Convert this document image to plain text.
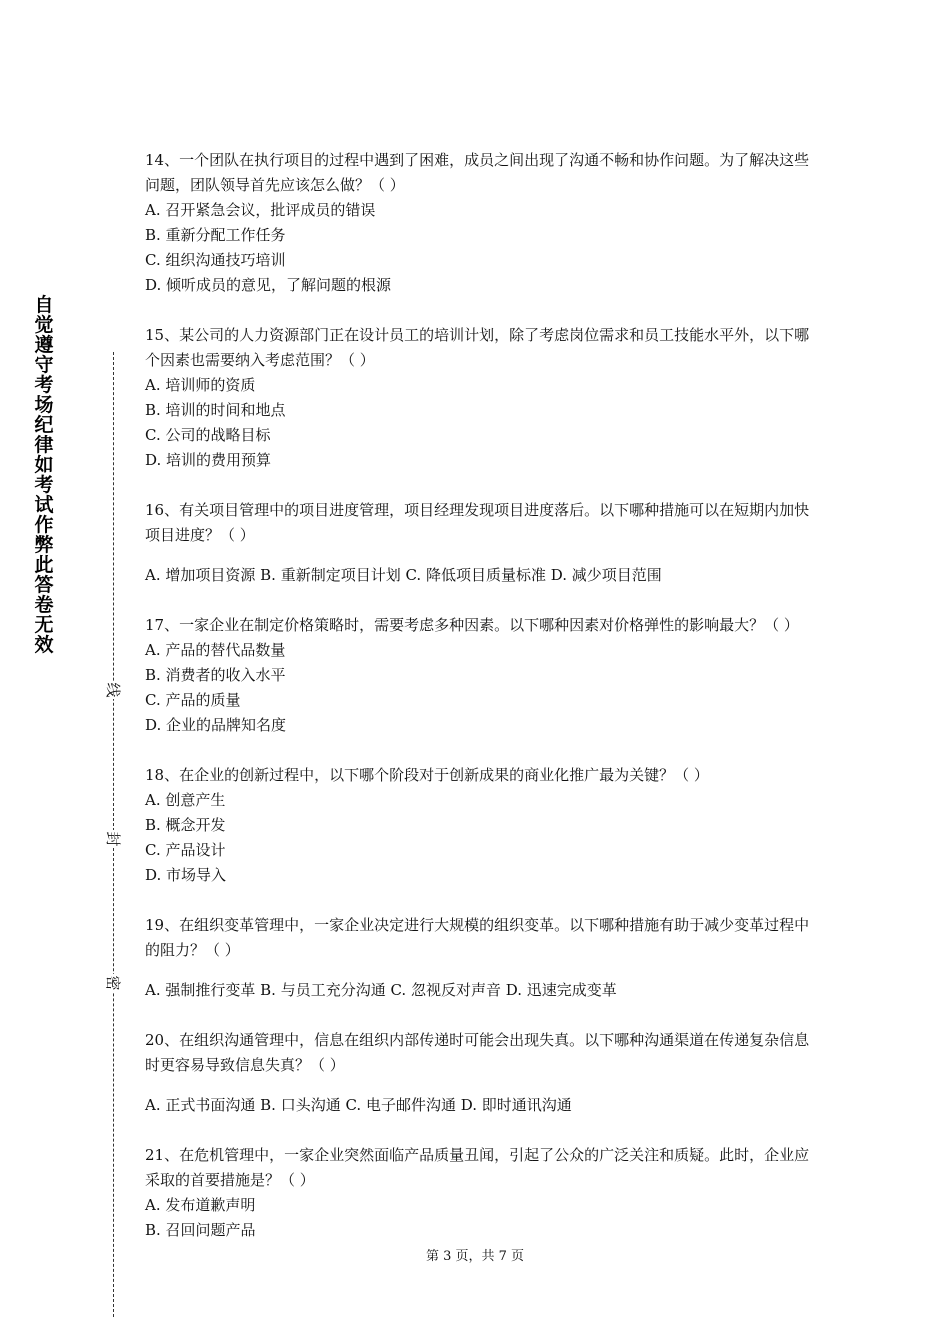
自觉遵守考场纪律如考试作弊此答卷无效
线
封
密

14、一个团队在执行项目的过程中遇到了困难，成员之间出现了沟通不畅和协作问题。为了解决这些问题，团队领导首先应该怎么做？（ ）

A. 召开紧急会议，批评成员的错误

B. 重新分配工作任务

C. 组织沟通技巧培训

D. 倾听成员的意见，了解问题的根源

15、某公司的人力资源部门正在设计员工的培训计划，除了考虑岗位需求和员工技能水平外，以下哪个因素也需要纳入考虑范围？（ ）

A. 培训师的资质

B. 培训的时间和地点

C. 公司的战略目标

D. 培训的费用预算

16、有关项目管理中的项目进度管理，项目经理发现项目进度落后。以下哪种措施可以在短期内加快项目进度？（ ）

A. 增加项目资源 B. 重新制定项目计划 C. 降低项目质量标准 D. 减少项目范围

17、一家企业在制定价格策略时，需要考虑多种因素。以下哪种因素对价格弹性的影响最大？（ ）

A. 产品的替代品数量

B. 消费者的收入水平

C. 产品的质量

D. 企业的品牌知名度

18、在企业的创新过程中，以下哪个阶段对于创新成果的商业化推广最为关键？（ ）

A. 创意产生

B. 概念开发

C. 产品设计

D. 市场导入

19、在组织变革管理中，一家企业决定进行大规模的组织变革。以下哪种措施有助于减少变革过程中的阻力？（ ）

A. 强制推行变革 B. 与员工充分沟通 C. 忽视反对声音 D. 迅速完成变革

20、在组织沟通管理中，信息在组织内部传递时可能会出现失真。以下哪种沟通渠道在传递复杂信息时更容易导致信息失真？（ ）

A. 正式书面沟通 B. 口头沟通 C. 电子邮件沟通 D. 即时通讯沟通

21、在危机管理中，一家企业突然面临产品质量丑闻，引起了公众的广泛关注和质疑。此时，企业应采取的首要措施是？（ ）

A. 发布道歉声明

B. 召回问题产品

第 3 页，共 7 页
